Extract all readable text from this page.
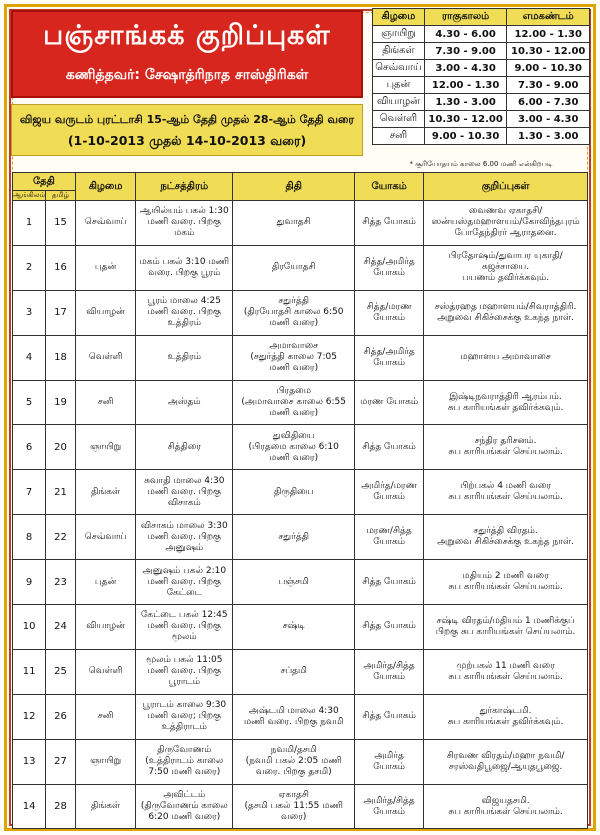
பஞ்சாங்கக் குறிப்புகள்
கணித்தவர்: சேஷாத்ரிநாத சாஸ்திரிகள்
விஜய வருடம் புரட்டாசி 15-ஆம் தேதி முதல் 28-ஆம் தேதி வரை
(1-10-2013 முதல் 14-10-2013 வரை)
கிழமை	ராகுகாலம்	எமகண்டம்
ஞாயிறு	4.30 - 6.00	12.00 - 1.30
திங்கள்	7.30 - 9.00	10.30 - 12.00
செவ்வாய்	3.00 - 4.30	9.00 - 10.30
புதன்	12.00 - 1.30	7.30 - 9.00
வியாழன்	1.30 - 3.00	6.00 - 7.30
வெள்ளி	10.30 - 12.00	3.00 - 4.30
சனி	9.00 - 10.30	1.30 - 3.00
* சூரியோதயம் காலை 6.00 மணி என்கிறபடி
தேதி		கிழமை	நட்சத்திரம்	திதி	யோகம்	குறிப்புகள்
ஆங்கிலம்	தமிழ்					
1	15	செவ்வாய்	ஆயில்யம் பகல் 1:30
மணி வரை. பிறகு
மகம்	துவாதசி	சித்த யோகம்	வைணவ ஏகாதசி/
ஸன்யஸ்தமஹாளயம்/கோவிந்தபுரம்
போதேந்திரர் ஆராதனை.
2	16	புதன்	மகம் பகல் 3:10 மணி
வரை. பிறகு பூரம்	திரயோதசி	சித்த/அமிர்த
யோகம்	பிரதோஷம்/துவாபர யுகாதி/
கஜச்சாயை.
பயணம் தவிர்க்கவும்.
3	17	வியாழன்	பூரம் மாலை 4:25
மணி வரை. பிறகு
உத்திரம்	சதுர்த்தி
(திரயோதசி காலை 6:50
மணி வரை)	சித்த/மரண
யோகம்	சஸ்த்ரஹத மஹாளயம்/சிவராத்திரி.
அறுவை சிகிச்சைக்கு உகந்த நாள்.
4	18	வெள்ளி	உத்திரம்	அமாவாசை
(சதுர்த்தி காலை 7:05
மணி வரை)	சித்த/அமிர்த
யோகம்	மஹாளய அமாவாசை
5	19	சனி	அஸ்தம்	பிரதமை
(அமாவாசை காலை 6:55
மணி வரை)	மரண யோகம்	இஷ்டிநவராத்திரி ஆரம்பம்.
சுப காரியங்கள் தவிர்க்கவும்.
6	20	ஞாயிறு	சித்திரை	துவிதியை
(பிரதமை காலை 6:10
மணி வரை)	சித்த யோகம்	சந்திர தரிசனம்.
சுப காரியங்கள் செய்யலாம்.
7	21	திங்கள்	சுவாதி மாலை 4:30
மணி வரை. பிறகு
விசாகம்	திருதியை	அமிர்த/மரண
யோகம்	பிற்பகல் 4 மணி வரை
சுப காரியங்கள் செய்யலாம்.
8	22	செவ்வாய்	விசாகம் மாலை 3:30
மணி வரை. பிறகு
அனுஷம்	சதுர்த்தி	மரண/சித்த
யோகம்	சதுர்த்தி விரதம்.
அறுவை சிகிச்சைக்கு உகந்த நாள்.
9	23	புதன்	அனுஷம் பகல் 2:10
மணி வரை. பிறகு
கேட்டை	பஞ்சமி	சித்த யோகம்	மதியம் 2 மணி வரை
சுப காரியங்கள் செய்யலாம்.
10	24	வியாழன்	கேட்டை பகல் 12:45
மணி வரை. பிறகு
மூலம்	சஷ்டி	சித்த யோகம்	சஷ்டி விரதம்/மதியம் 1 மணிக்குப்
பிறகு சுப காரியங்கள் செய்யலாம்.
11	25	வெள்ளி	மூலம் பகல் 11:05
மணி வரை. பிறகு
பூராடம்	சப்தமி	அமிர்த/சித்த
யோகம்	முற்பகல் 11 மணி வரை
சுப காரியங்கள் செய்யலாம்.
12	26	சனி	பூராடம் காலை 9:30
மணி வரை; பிறகு
உத்திராடம்	அஷ்டமி மாலை 4:30
மணி வரை. பிறகு நவமி	சித்த யோகம்	துர்காஷ்டமி.
சுப காரியங்கள் தவிர்க்கவும்.
13	27	ஞாயிறு	திருவோணம்
(உத்திராடம் காலை
7:50 மணி வரை)	நவமி/தசமி
(நவமி பகல் 2:05 மணி
வரை. பிறகு தசமி)	அமிர்த யோகம்	சிரவண விரதம்/மஹா நவமி/
சரஸ்வதிபூஜை/ஆயுதபூஜை.
14	28	திங்கள்	அவிட்டம்
(திருவோணம் காலை
6:20 மணி வரை)	ஏகாதசி
(தசமி பகல் 11:55 மணி
வரை)	அமிர்த/சித்த
யோகம்	விஜயதசமி.
சுப காரியங்கள் செய்யலாம்.
